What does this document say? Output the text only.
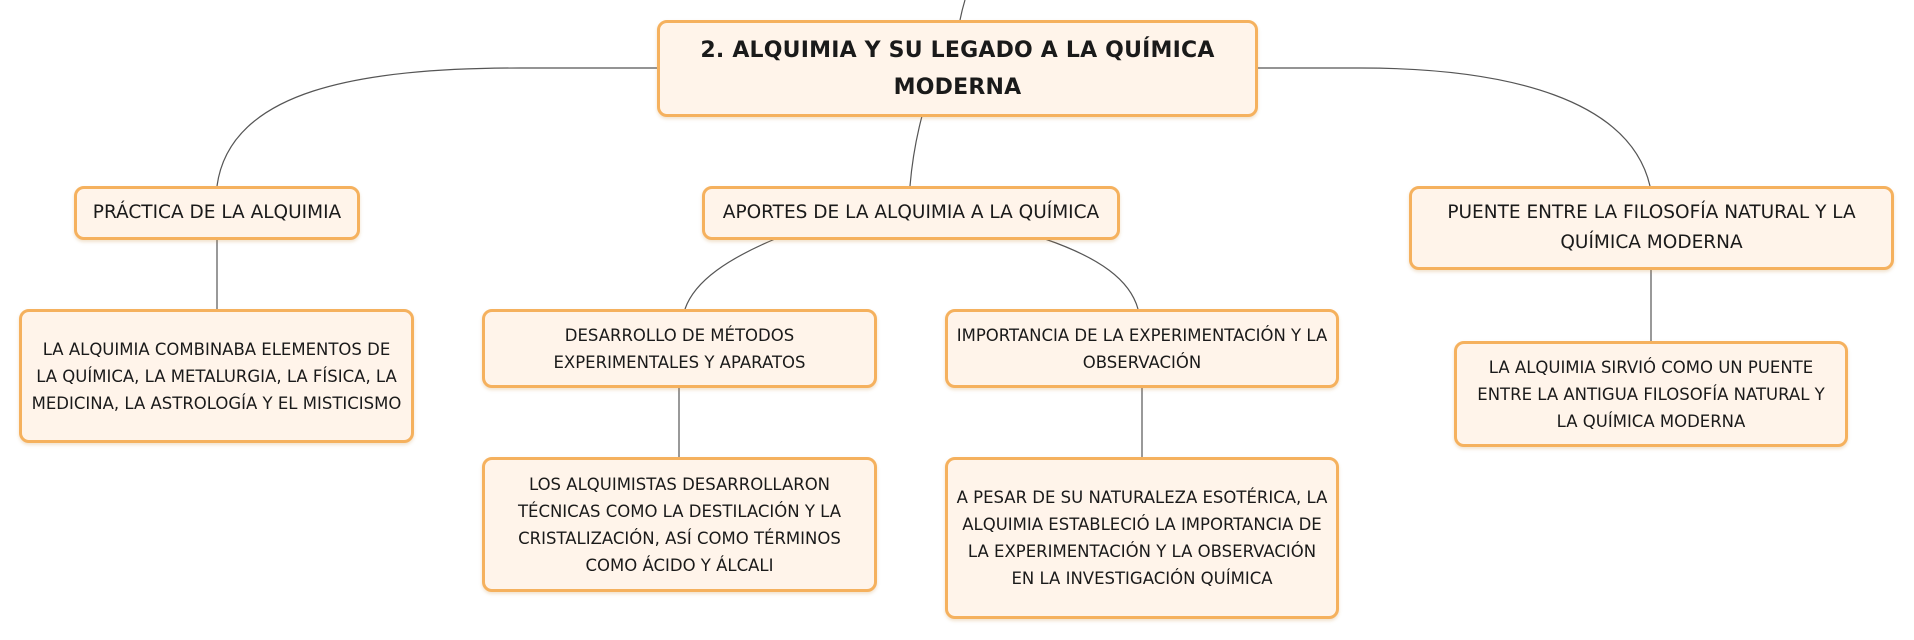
2. ALQUIMIA Y SU LEGADO A LA QUÍMICA MODERNA
PRÁCTICA DE LA ALQUIMIA	APORTES DE LA ALQUIMIA A LA QUÍMICA	PUENTE ENTRE LA FILOSOFÍA NATURAL Y LA QUÍMICA MODERNA
LA ALQUIMIA COMBINABA ELEMENTOS DE LA QUÍMICA, LA METALURGIA, LA FÍSICA, LA MEDICINA, LA ASTROLOGÍA Y EL MISTICISMO
DESARROLLO DE MÉTODOS EXPERIMENTALES Y APARATOS
IMPORTANCIA DE LA EXPERIMENTACIÓN Y LA OBSERVACIÓN	LA ALQUIMIA SIRVIÓ COMO UN PUENTE ENTRE LA ANTIGUA FILOSOFÍA NATURAL Y LA QUÍMICA MODERNA
LOS ALQUIMISTAS DESARROLLARON TÉCNICAS COMO LA DESTILACIÓN Y LA CRISTALIZACIÓN, ASÍ COMO TÉRMINOS COMO ÁCIDO Y ÁLCALI
A PESAR DE SU NATURALEZA ESOTÉRICA, LA ALQUIMIA ESTABLECIÓ LA IMPORTANCIA DE LA EXPERIMENTACIÓN Y LA OBSERVACIÓN EN LA INVESTIGACIÓN QUÍMICA
